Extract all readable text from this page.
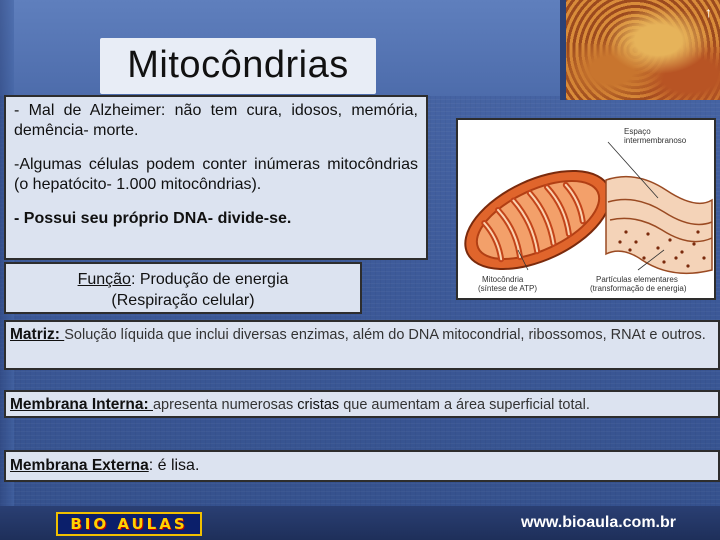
↑
Mitocôndrias

- Mal de Alzheimer: não tem cura, idosos, memória, demência- morte.

-Algumas células podem conter inúmeras mitocôndrias (o hepatócito- 1.000 mitocôndrias).

- Possui seu próprio DNA- divide-se.

Espaço
intermembranoso
Mitocôndria
(síntese de ATP)
Partículas elementares
(transformação de energia)
Função: Produção de energia
(Respiração celular)
Matriz: Solução líquida que inclui diversas enzimas, além do DNA mitocondrial, ribossomos, RNAt e outros.
Membrana Interna: apresenta numerosas cristas que aumentam a área superficial total.
Membrana Externa: é lisa.
BIO AULAS	www.bioaula.com.br
